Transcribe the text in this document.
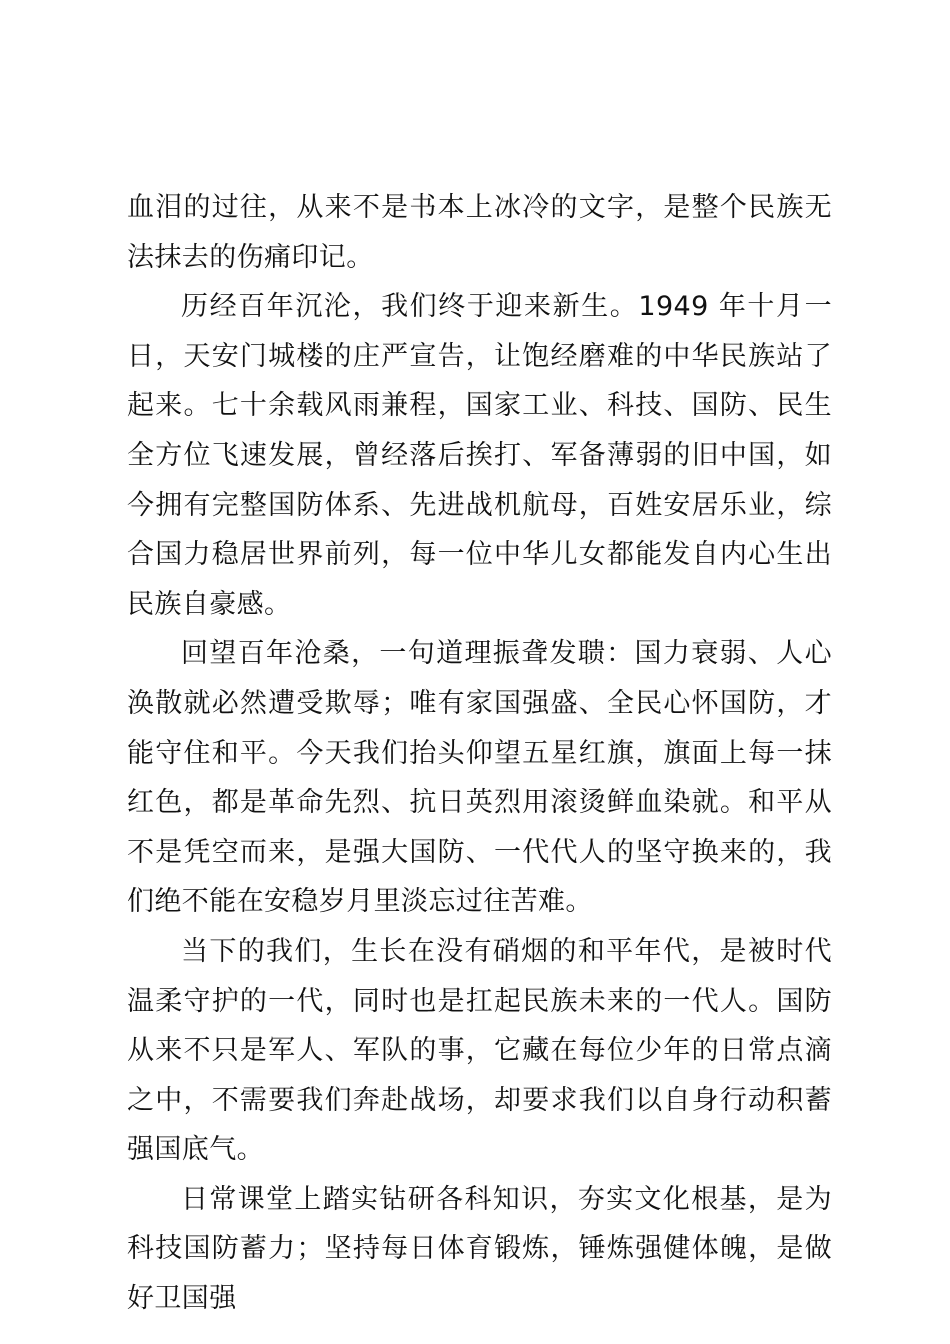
血泪的过往，从来不是书本上冰冷的文字，是整个民族无法抹去的伤痛印记。

历经百年沉沦，我们终于迎来新生。1949 年十月一日，天安门城楼的庄严宣告，让饱经磨难的中华民族站了起来。七十余载风雨兼程，国家工业、科技、国防、民生全方位飞速发展，曾经落后挨打、军备薄弱的旧中国，如今拥有完整国防体系、先进战机航母，百姓安居乐业，综合国力稳居世界前列，每一位中华儿女都能发自内心生出民族自豪感。

回望百年沧桑，一句道理振聋发聩：国力衰弱、人心涣散就必然遭受欺辱；唯有家国强盛、全民心怀国防，才能守住和平。今天我们抬头仰望五星红旗，旗面上每一抹红色，都是革命先烈、抗日英烈用滚烫鲜血染就。和平从不是凭空而来，是强大国防、一代代人的坚守换来的，我们绝不能在安稳岁月里淡忘过往苦难。

当下的我们，生长在没有硝烟的和平年代，是被时代温柔守护的一代，同时也是扛起民族未来的一代人。国防从来不只是军人、军队的事，它藏在每位少年的日常点滴之中，不需要我们奔赴战场，却要求我们以自身行动积蓄强国底气。

日常课堂上踏实钻研各科知识，夯实文化根基，是为科技国防蓄力；坚持每日体育锻炼，锤炼强健体魄，是做好卫国强
